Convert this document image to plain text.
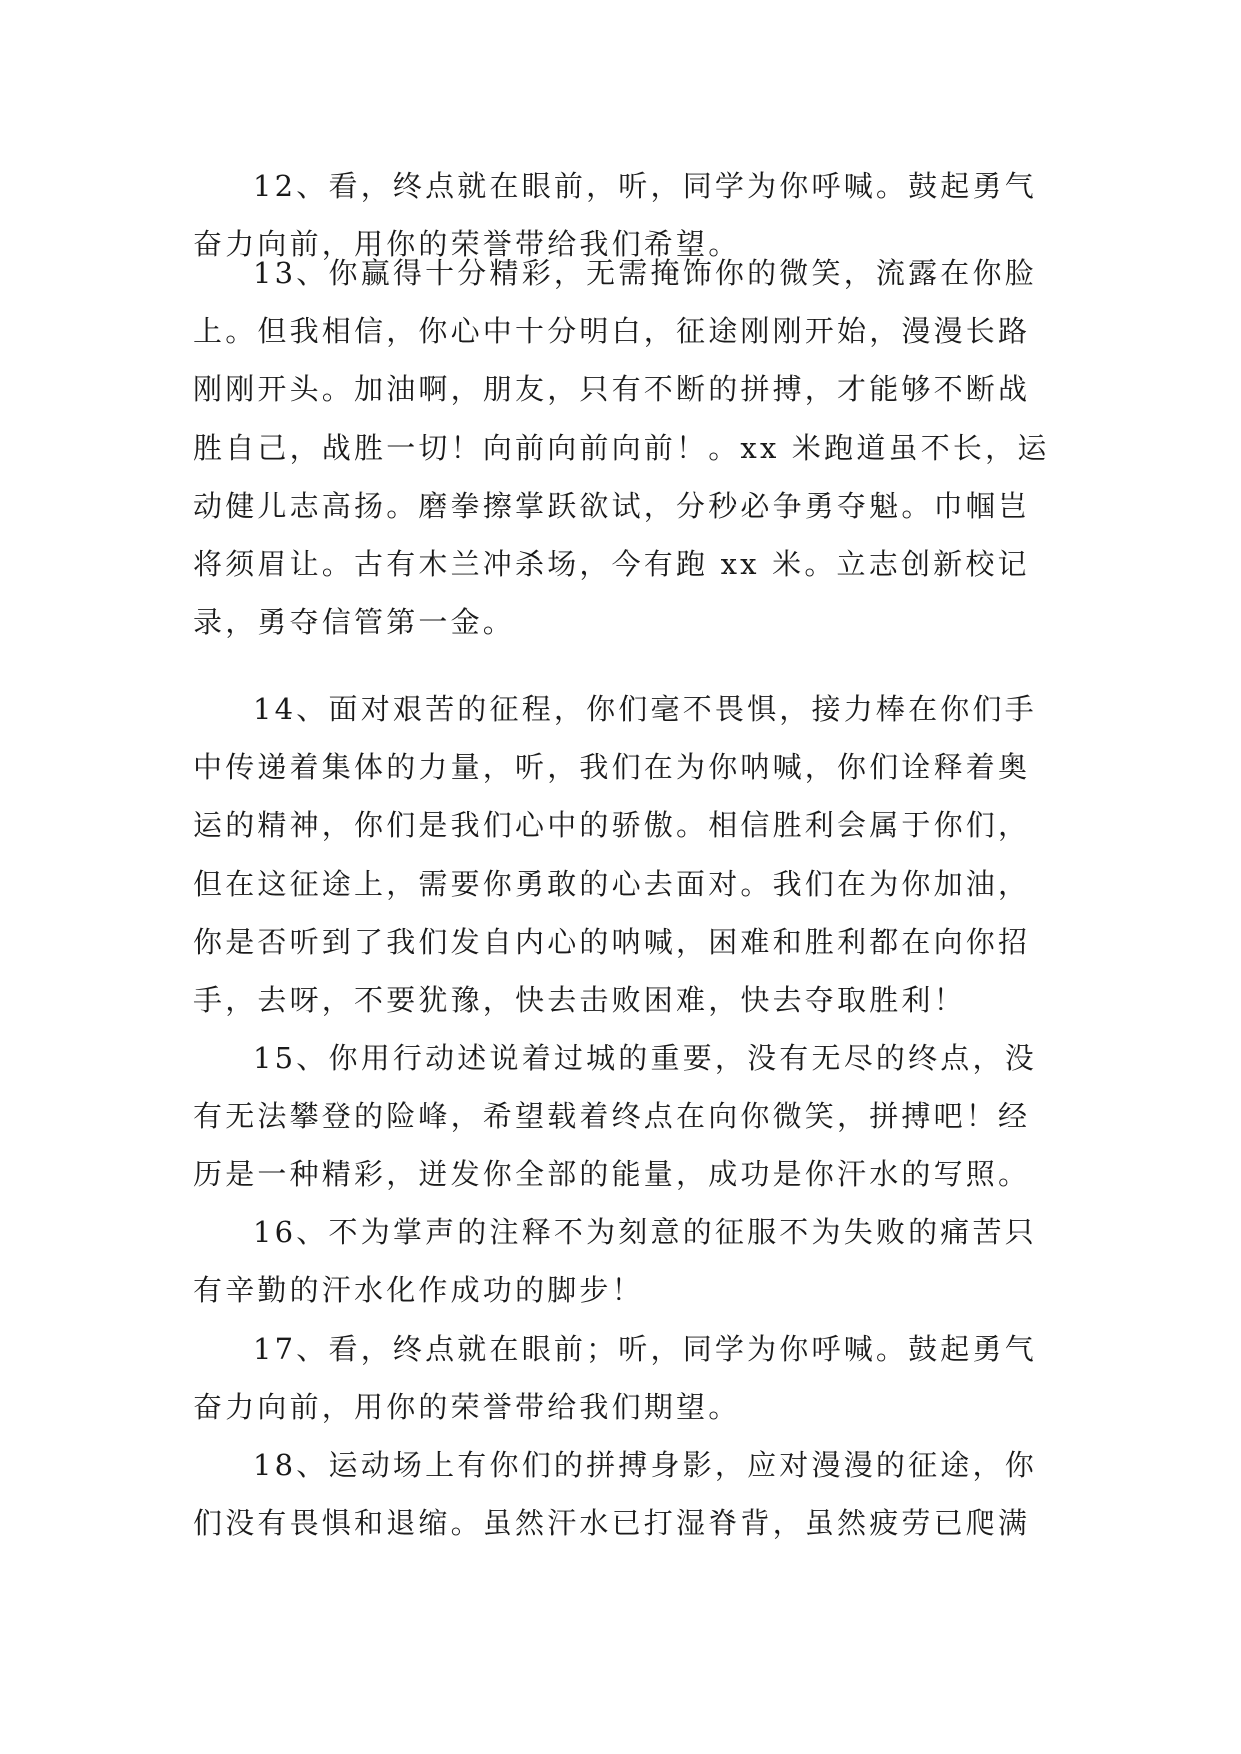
12、看，终点就在眼前，听，同学为你呼喊。鼓起勇气
奋力向前，用你的荣誉带给我们希望。
13、你赢得十分精彩，无需掩饰你的微笑，流露在你脸
上。但我相信，你心中十分明白，征途刚刚开始，漫漫长路
刚刚开头。加油啊，朋友，只有不断的拼搏，才能够不断战
胜自己，战胜一切！向前向前向前！。xx 米跑道虽不长，运
动健儿志高扬。磨拳擦掌跃欲试，分秒必争勇夺魁。巾帼岂
将须眉让。古有木兰冲杀场，今有跑 xx 米。立志创新校记
录，勇夺信管第一金。
14、面对艰苦的征程，你们毫不畏惧，接力棒在你们手
中传递着集体的力量，听，我们在为你呐喊，你们诠释着奥
运的精神，你们是我们心中的骄傲。相信胜利会属于你们，
但在这征途上，需要你勇敢的心去面对。我们在为你加油，
你是否听到了我们发自内心的呐喊，困难和胜利都在向你招
手，去呀，不要犹豫，快去击败困难，快去夺取胜利！
15、你用行动述说着过城的重要，没有无尽的终点，没
有无法攀登的险峰，希望载着终点在向你微笑，拼搏吧！经
历是一种精彩，迸发你全部的能量，成功是你汗水的写照。
16、不为掌声的注释不为刻意的征服不为失败的痛苦只
有辛勤的汗水化作成功的脚步！
17、看，终点就在眼前；听，同学为你呼喊。鼓起勇气
奋力向前，用你的荣誉带给我们期望。
18、运动场上有你们的拼搏身影，应对漫漫的征途，你
们没有畏惧和退缩。虽然汗水已打湿脊背，虽然疲劳已爬满
